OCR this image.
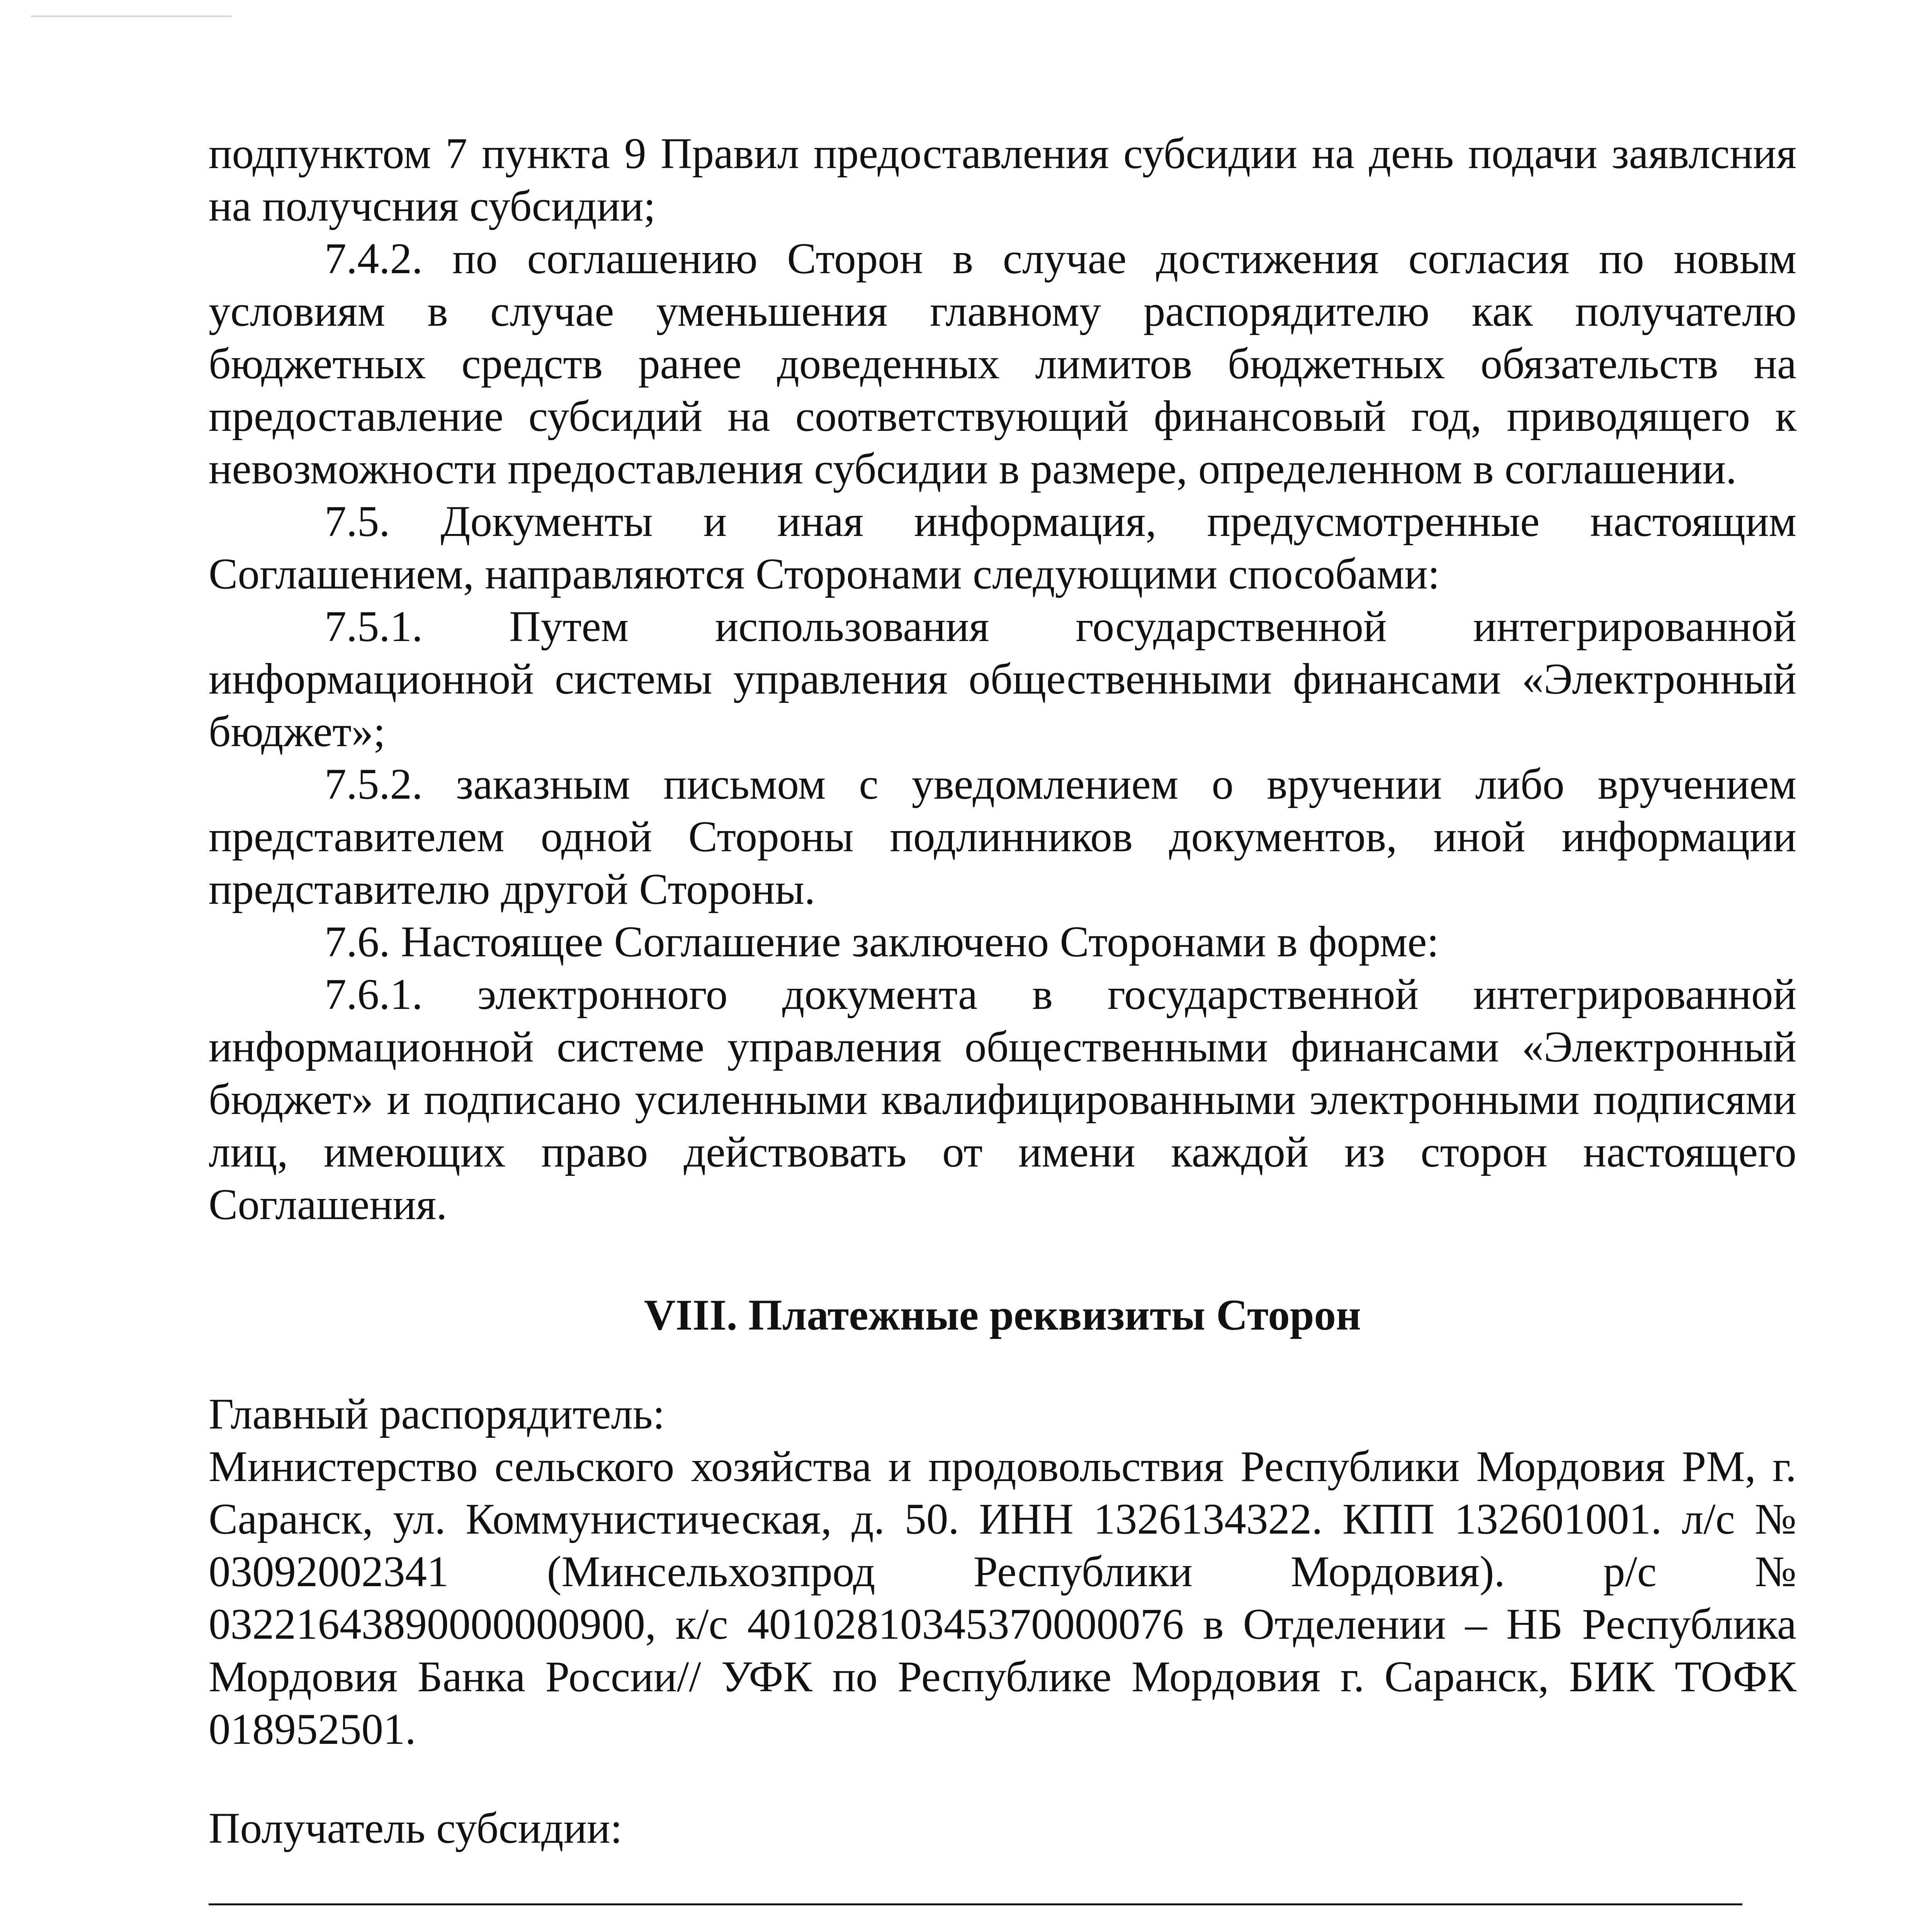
подпунктом 7 пункта 9 Правил предоставления субсидии на день подачи заявлсния на получсния субсидии;

7.4.2. по соглашению Сторон в случае достижения согласия по новым условиям в случае уменьшения главному распорядителю как получателю бюджетных средств ранее доведенных лимитов бюджетных обязательств на предоставление субсидий на соответствующий финансовый год, приводящего к невозможности предоставления субсидии в размере, определенном в соглашении.

7.5. Документы и иная информация, предусмотренные настоящим Соглашением, направляются Сторонами следующими способами:

7.5.1. Путем использования государственной интегрированной информационной системы управления общественными финансами «Электронный бюджет»;

7.5.2. заказным письмом с уведомлением о вручении либо вручением представителем одной Стороны подлинников документов, иной информации представителю другой Стороны.

7.6. Настоящее Соглашение заключено Сторонами в форме:

7.6.1. электронного документа в государственной интегрированной информационной системе управления общественными финансами «Электронный бюджет» и подписано усиленными квалифицированными электронными подписями лиц, имеющих право действовать от имени каждой из сторон настоящего Соглашения.

VIII. Платежные реквизиты Сторон

Главный распорядитель:

Министерство сельского хозяйства и продовольствия Республики Мордовия РМ, г. Саранск, ул. Коммунистическая, д. 50. ИНН 1326134322. КПП 132601001. л/с № 03092002341 (Минсельхозпрод Республики Мордовия). р/с № 03221643890000000900, к/с 40102810345370000076 в Отделении – НБ Республика Мордовия Банка России// УФК по Республике Мордовия г. Саранск, БИК ТОФК 018952501.

Получатель субсидии:
